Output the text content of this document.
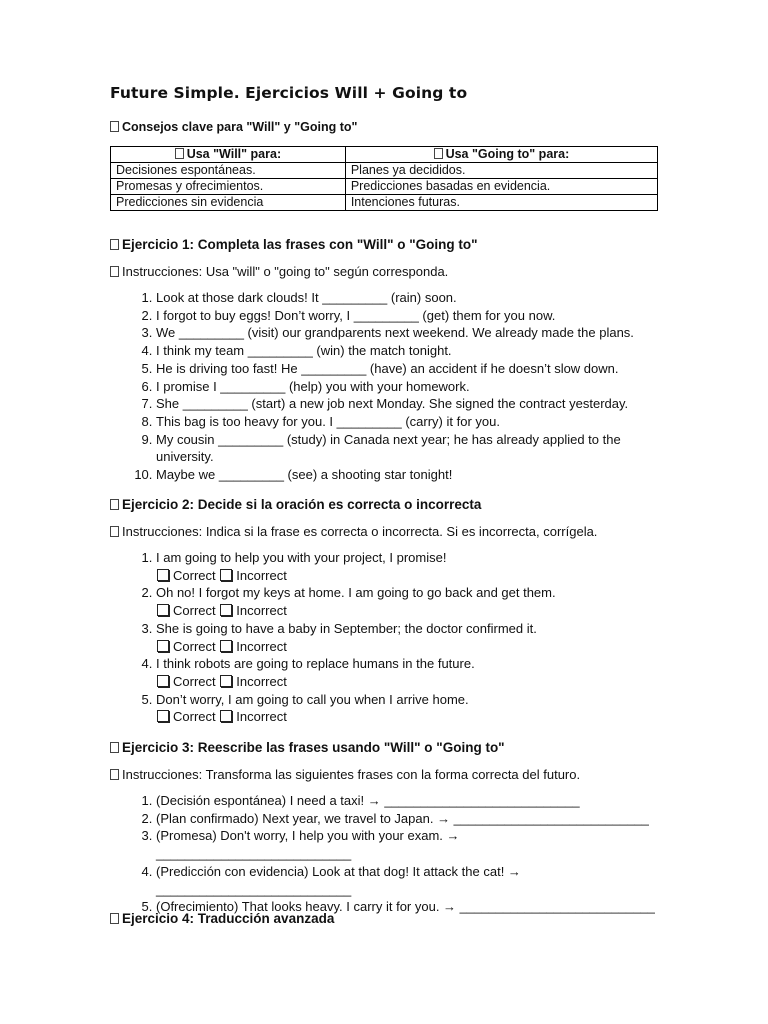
Future Simple. Ejercicios Will + Going to
Consejos clave para "Will" y "Going to"
Usa "Will" para:	Usa "Going to" para:
Decisiones espontáneas.	Planes ya decididos.
Promesas y ofrecimientos.	Predicciones basadas en evidencia.
Predicciones sin evidencia	Intenciones futuras.
Ejercicio 1: Completa las frases con "Will" o "Going to"
Instrucciones: Usa "will" o "going to" según corresponda.
1. Look at those dark clouds! It _________ (rain) soon.
2. I forgot to buy eggs! Don’t worry, I _________ (get) them for you now.
3. We _________ (visit) our grandparents next weekend. We already made the plans.
4. I think my team _________ (win) the match tonight.
5. He is driving too fast! He _________ (have) an accident if he doesn’t slow down.
6. I promise I _________ (help) you with your homework.
7. She _________ (start) a new job next Monday. She signed the contract yesterday.
8. This bag is too heavy for you. I _________ (carry) it for you.
9. My cousin _________ (study) in Canada next year; he has already applied to the university.
10. Maybe we _________ (see) a shooting star tonight!
Ejercicio 2: Decide si la oración es correcta o incorrecta
Instrucciones: Indica si la frase es correcta o incorrecta. Si es incorrecta, corrígela.
1. I am going to help you with your project, I promise!
Correct Incorrect
2. Oh no! I forgot my keys at home. I am going to go back and get them.
Correct Incorrect
3. She is going to have a baby in September; the doctor confirmed it.
Correct Incorrect
4. I think robots are going to replace humans in the future.
Correct Incorrect
5. Don’t worry, I am going to call you when I arrive home.
Correct Incorrect
Ejercicio 3: Reescribe las frases usando "Will" o "Going to"
Instrucciones: Transforma las siguientes frases con la forma correcta del futuro.
1. (Decisión espontánea) I need a taxi! → ___________________________
2. (Plan confirmado) Next year, we travel to Japan. → ___________________________
3. (Promesa) Don't worry, I help you with your exam. → ___________________________
4. (Predicción con evidencia) Look at that dog! It attack the cat! → ___________________________
5. (Ofrecimiento) That looks heavy. I carry it for you. → ___________________________
Ejercicio 4: Traducción avanzada
